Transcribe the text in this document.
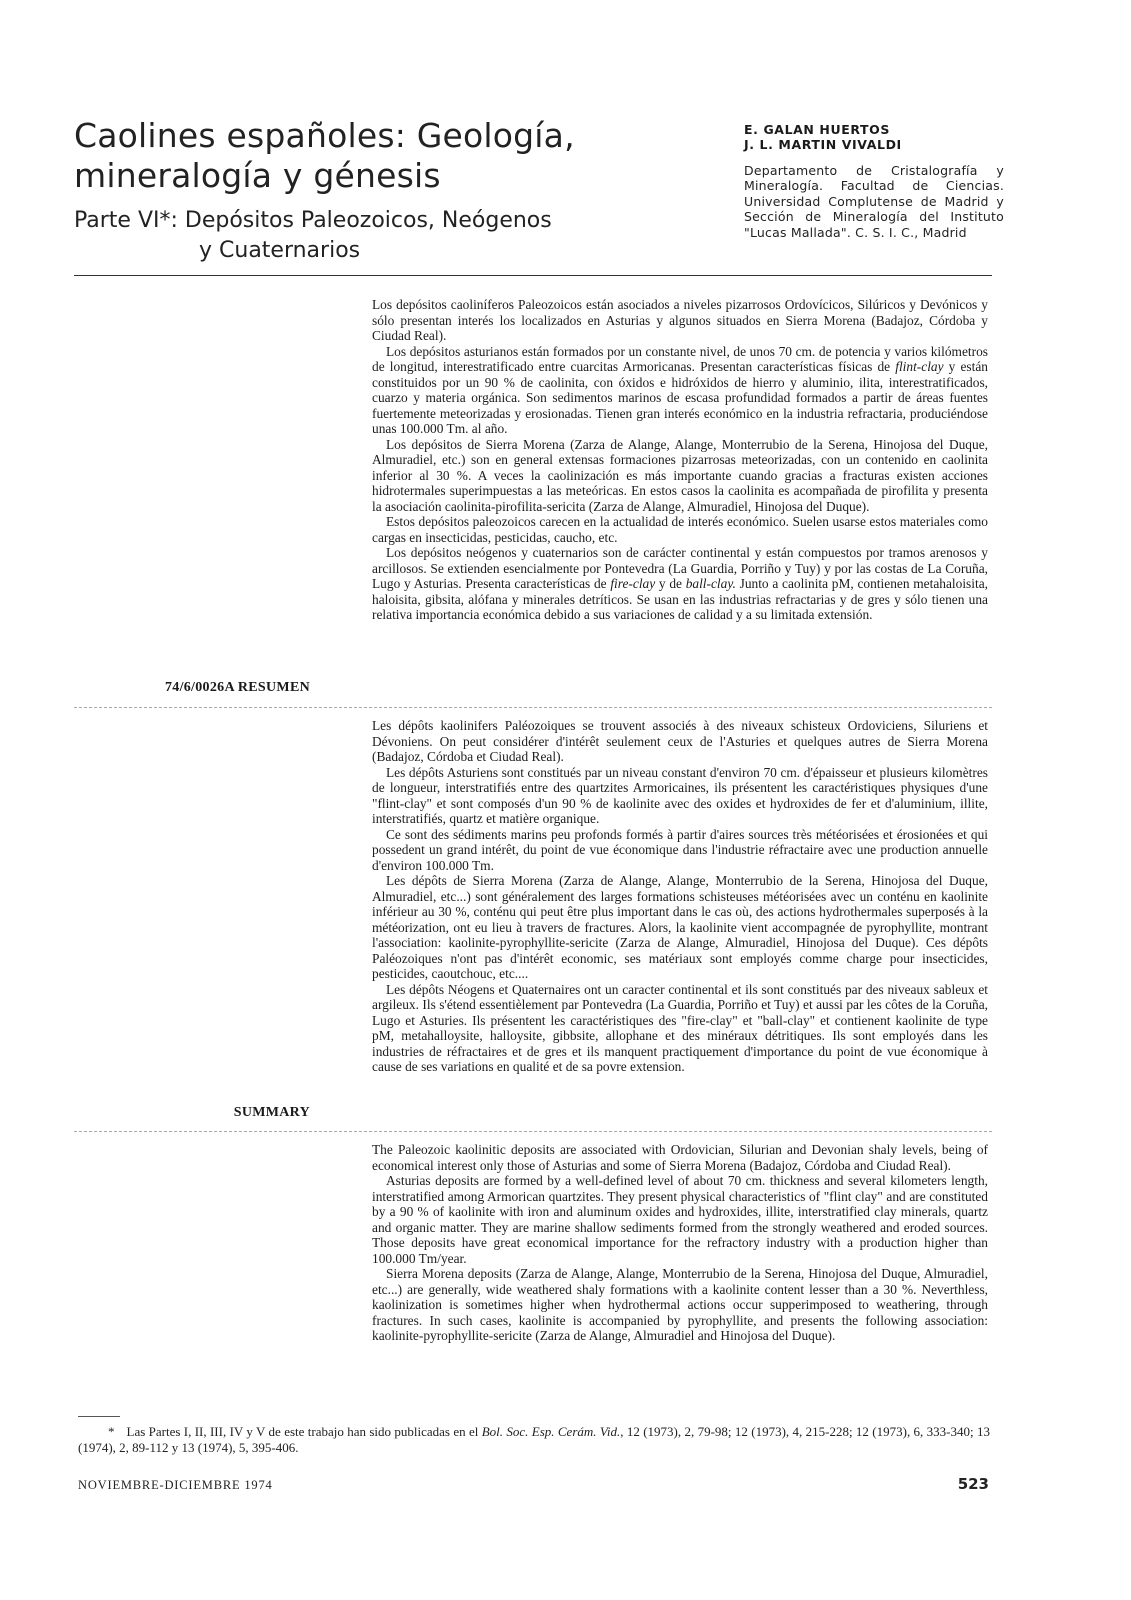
Caolines españoles: Geología,
mineralogía y génesis
Parte VI*: Depósitos Paleozoicos, Neógenos
y Cuaternarios

E. GALAN HUERTOS

J. L. MARTIN VIVALDI

Departamento de Cristalografía y Mineralogía. Facultad de Ciencias. Universidad Complutense de Madrid y Sección de Mineralogía del Instituto "Lucas Mallada". C. S. I. C., Madrid

Los depósitos caoliníferos Paleozoicos están asociados a niveles pizarrosos Ordovícicos, Silúricos y Devónicos y sólo presentan interés los localizados en Asturias y algunos situados en Sierra Morena (Badajoz, Córdoba y Ciudad Real).

Los depósitos asturianos están formados por un constante nivel, de unos 70 cm. de potencia y varios kilómetros de longitud, interestratificado entre cuarcitas Armoricanas. Presentan características físicas de flint-clay y están constituidos por un 90 % de caolinita, con óxidos e hidróxidos de hierro y aluminio, ilita, interestratificados, cuarzo y materia orgánica. Son sedimentos marinos de escasa profundidad formados a partir de áreas fuentes fuertemente meteorizadas y erosionadas. Tienen gran interés económico en la industria refractaria, produciéndose unas 100.000 Tm. al año.

Los depósitos de Sierra Morena (Zarza de Alange, Alange, Monterrubio de la Serena, Hinojosa del Duque, Almuradiel, etc.) son en general extensas formaciones pizarrosas meteorizadas, con un contenido en caolinita inferior al 30 %. A veces la caolinización es más importante cuando gracias a fracturas existen acciones hidrotermales superimpuestas a las meteóricas. En estos casos la caolinita es acompañada de pirofilita y presenta la asociación caolinita-pirofilita-sericita (Zarza de Alange, Almuradiel, Hinojosa del Duque).

Estos depósitos paleozoicos carecen en la actualidad de interés económico. Suelen usarse estos materiales como cargas en insecticidas, pesticidas, caucho, etc.

Los depósitos neógenos y cuaternarios son de carácter continental y están compuestos por tramos arenosos y arcillosos. Se extienden esencialmente por Pontevedra (La Guardia, Porriño y Tuy) y por las costas de La Coruña, Lugo y Asturias. Presenta características de fire-clay y de ball-clay. Junto a caolinita pM, contienen metahaloisita, haloisita, gibsita, alófana y minerales detríticos. Se usan en las industrias refractarias y de gres y sólo tienen una relativa importancia económica debido a sus variaciones de calidad y a su limitada extensión.

74/6/0026A RESUMEN

Les dépôts kaolinifers Paléozoiques se trouvent associés à des niveaux schisteux Ordoviciens, Siluriens et Dévoniens. On peut considérer d'intérêt seulement ceux de l'Asturies et quelques autres de Sierra Morena (Badajoz, Córdoba et Ciudad Real).

Les dépôts Asturiens sont constitués par un niveau constant d'environ 70 cm. d'épaisseur et plusieurs kilomètres de longueur, interstratifiés entre des quartzites Armoricaines, ils présentent les caractéristiques physiques d'une "flint-clay" et sont composés d'un 90 % de kaolinite avec des oxides et hydroxides de fer et d'aluminium, illite, interstratifiés, quartz et matière organique.

Ce sont des sédiments marins peu profonds formés à partir d'aires sources très météorisées et érosionées et qui possedent un grand intérêt, du point de vue économique dans l'industrie réfractaire avec une production annuelle d'environ 100.000 Tm.

Les dépôts de Sierra Morena (Zarza de Alange, Alange, Monterrubio de la Serena, Hinojosa del Duque, Almuradiel, etc...) sont généralement des larges formations schisteuses météorisées avec un conténu en kaolinite inférieur au 30 %, conténu qui peut être plus important dans le cas où, des actions hydrothermales superposés à la météorization, ont eu lieu à travers de fractures. Alors, la kaolinite vient accompagnée de pyrophyllite, montrant l'association: kaolinite-pyrophyllite-sericite (Zarza de Alange, Almuradiel, Hinojosa del Duque). Ces dépôts Paléozoiques n'ont pas d'intérêt economic, ses matériaux sont employés comme charge pour insecticides, pesticides, caoutchouc, etc....

Les dépôts Néogens et Quaternaires ont un caracter continental et ils sont constitués par des niveaux sableux et argileux. Ils s'étend essentièlement par Pontevedra (La Guardia, Porriño et Tuy) et aussi par les côtes de la Coruña, Lugo et Asturies. Ils présentent les caractéristiques des "fire-clay" et "ball-clay" et contienent kaolinite de type pM, metahalloysite, halloysite, gibbsite, allophane et des minéraux détritiques. Ils sont employés dans les industries de réfractaires et de gres et ils manquent practiquement d'importance du point de vue économique à cause de ses variations en qualité et de sa povre extension.

SUMMARY

The Paleozoic kaolinitic deposits are associated with Ordovician, Silurian and Devonian shaly levels, being of economical interest only those of Asturias and some of Sierra Morena (Badajoz, Córdoba and Ciudad Real).

Asturias deposits are formed by a well-defined level of about 70 cm. thickness and several kilometers length, interstratified among Armorican quartzites. They present physical characteristics of "flint clay" and are constituted by a 90 % of kaolinite with iron and aluminum oxides and hydroxides, illite, interstratified clay minerals, quartz and organic matter. They are marine shallow sediments formed from the strongly weathered and eroded sources. Those deposits have great economical importance for the refractory industry with a production higher than 100.000 Tm/year.

Sierra Morena deposits (Zarza de Alange, Alange, Monterrubio de la Serena, Hinojosa del Duque, Almuradiel, etc...) are generally, wide weathered shaly formations with a kaolinite content lesser than a 30 %. Neverthless, kaolinization is sometimes higher when hydrothermal actions occur supperimposed to weathering, through fractures. In such cases, kaolinite is accompanied by pyrophyllite, and presents the following association: kaolinite-pyrophyllite-sericite (Zarza de Alange, Almuradiel and Hinojosa del Duque).

* Las Partes I, II, III, IV y V de este trabajo han sido publicadas en el Bol. Soc. Esp. Cerám. Vid., 12 (1973), 2, 79-98; 12 (1973), 4, 215-228; 12 (1973), 6, 333-340; 13 (1974), 2, 89-112 y 13 (1974), 5, 395-406.
NOVIEMBRE-DICIEMBRE 1974	523
